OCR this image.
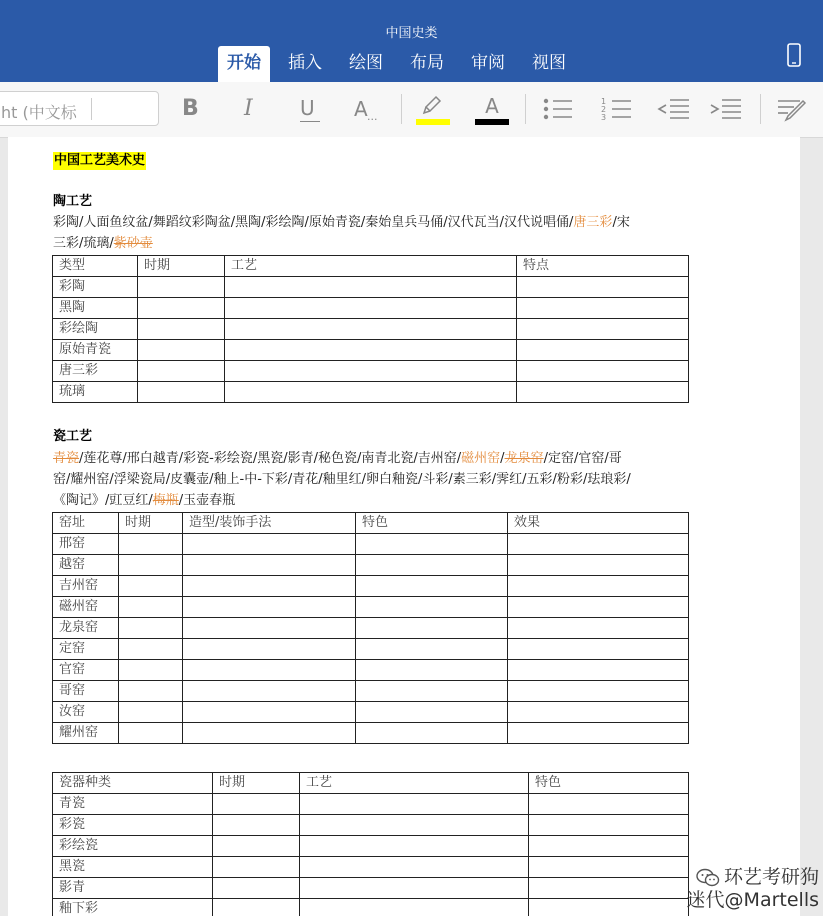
中国史类
开始	插入	绘图	布局	审阅	视图
ht (中文标	B I	U A ···
A	1
2
3
中国工艺美术史
陶工艺
彩陶/人面鱼纹盆/舞蹈纹彩陶盆/黑陶/彩绘陶/原始青瓷/秦始皇兵马俑/汉代瓦当/汉代说唱俑/唐三彩/宋
三彩/琉璃/紫砂壶
类型	时期	工艺	特点
彩陶			
黑陶			
彩绘陶			
原始青瓷			
唐三彩			
琉璃			
瓷工艺
青瓷/莲花尊/邢白越青/彩瓷-彩绘瓷/黑瓷/影青/秘色瓷/南青北瓷/吉州窑/磁州窑/龙泉窑/定窑/官窑/哥
窑/耀州窑/浮梁瓷局/皮囊壶/釉上-中-下彩/青花/釉里红/卵白釉瓷/斗彩/素三彩/霁红/五彩/粉彩/珐琅彩/
《陶记》/豇豆红/梅瓶/玉壶春瓶
窑址	时期	造型/装饰手法	特色	效果
邢窑				
越窑				
吉州窑				
磁州窑				
龙泉窑				
定窑				
官窑				
哥窑				
汝窑				
耀州窑				
瓷器种类	时期	工艺	特色
青瓷			
彩瓷			
彩绘瓷			
黑瓷			
影青			
釉下彩			
环艺考研狗
迷代@Martells
